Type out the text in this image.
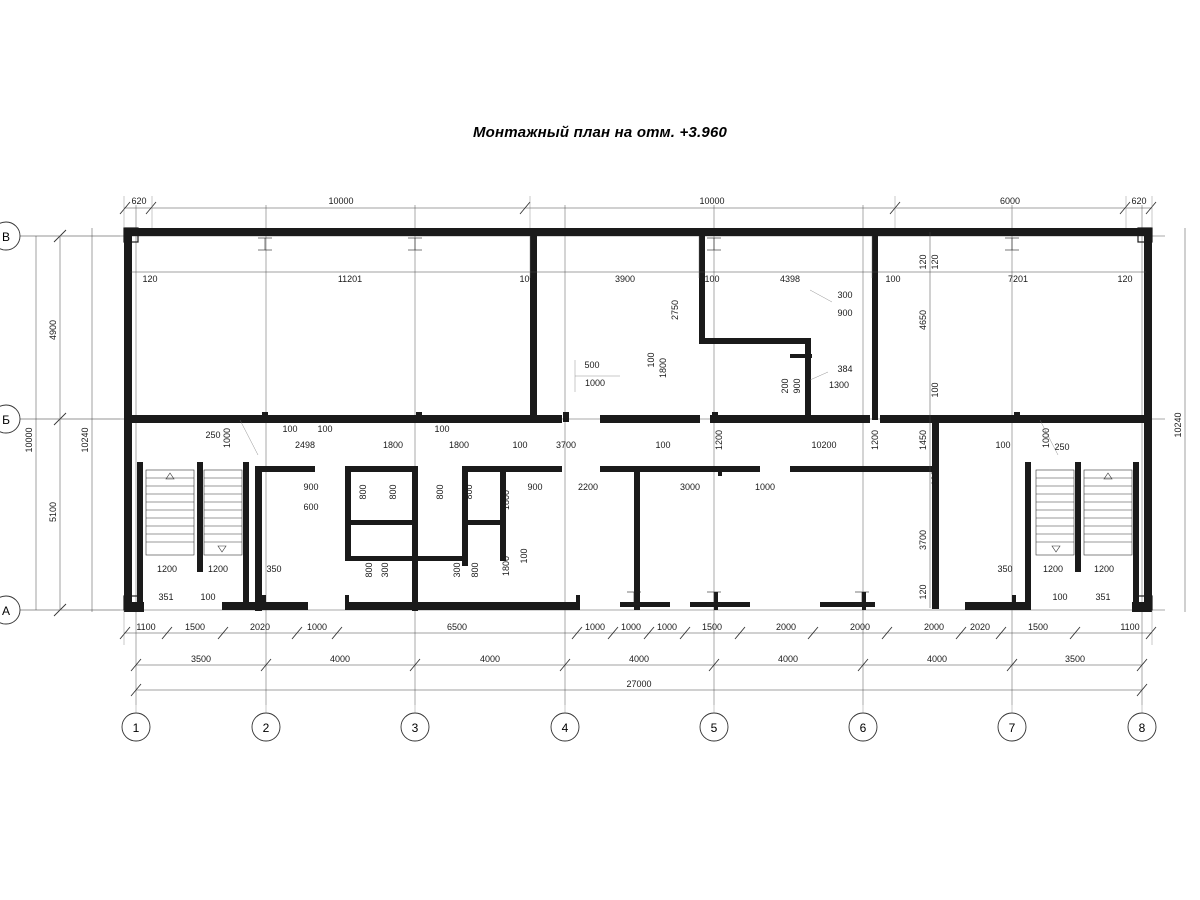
Монтажный план на отм. +3.960
620	10000	10000	6000	620
120	11201	100	3900	100	4398	100	7201	120
4900
5100
10000	10240
10240
120
4650
100
1450
100
3700
120
1100	1500	2020	1000	6500	1000 1000 1000	1500	2000	2000	2000	2020	1500	1100
3500	4000	4000	4000	4000	4000	3500
27000
1	2	3	4	5	6	7	8
В
Б
А
2750
1800
100
300
900
384
1300
200 900
500
1000
250 1000	100 100
2498	1800
100
1800	100	3700	100	1200	10200	1200	100	1000 250
900
600
800 800	800 800	900	2200	3000	1000
1800
100
1800
800 300	300 800
1200	1200	350
351	100
350	1200	1200
100	351
120
